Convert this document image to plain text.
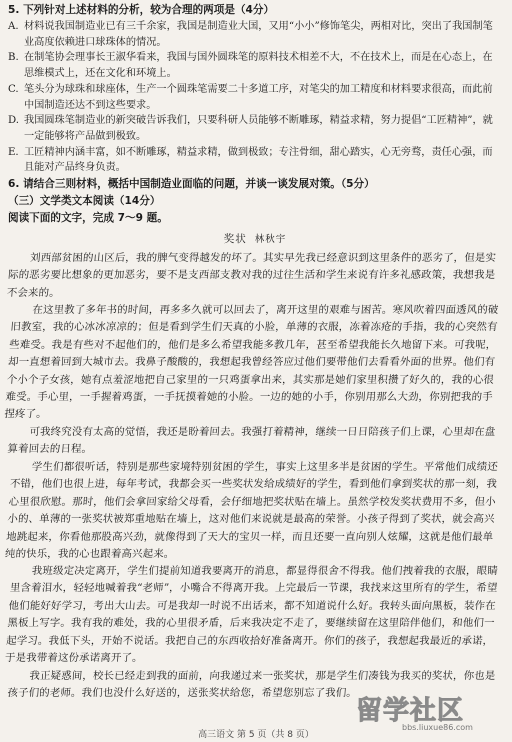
5. 下列针对上述材料的分析，较为合理的两项是（4分）

A. 材料说我国制造业已有三千余家，我国是制造业大国，又用“小小”修饰笔尖，两相对比，突出了我国制笔业高度依赖进口球珠体的情况。

B. 在制笔协会理事长王淑华看来，我国与国外圆珠笔的原料技术相差不大，不在技术上，而是在心态上，在思维模式上，还在文化和环境上。

C. 笔头分为球珠和球座体，生产一个圆珠笔需要二十多道工序，对笔尖的加工精度和材料要求很高，而此前中国制造还达不到这些要求。

D. 我国圆珠笔制造业的新突破告诉我们，只要科研人员能够不断雕琢，精益求精，努力提倡“工匠精神”，就一定能够将产品做到极致。

E. 工匠精神内涵丰富，如不断雕琢，精益求精，做到极致；专注骨细，甜心踏实，心无旁骛，责任心强，而且能对产品终身负责。

6. 请结合三则材料，概括中国制造业面临的问题，并谈一谈发展对策。（5分）

（三）文学类文本阅读（14分）

阅读下面的文字，完成 7～9 题。

奖状 林秋宇

刘西部贫困的山区后，我的脾气变得越发的坏了。其实早先我已经意识到这里条件的恶劣了，但是实际的恶劣要比想象的更加恶劣，要不是支西部支教对我的过往生活和学生来说有许多礼感政策，我想我是不会来的。

在这里教了多年书的时间，再多多久就可以回去了，离开这里的艰难与困苦。寒风吹着四面透风的破旧教室，我的心冰冰凉凉的；但是看到学生们天真的小脸，单薄的衣服，冻着冻疮的手指，我的心突然有些难受。我是有些对不起他们的，他们是多么希望我能多教几年，甚至希望我能长久地留下来。可我呢，却一直想着回到大城市去。我鼻子酸酸的，我想起我曾经答应过他们要带他们去看看外面的世界。他们有个小个子女孩，她有点羞涩地把自己家里的一只鸡蛋拿出来，其实那是她们家里积攒了好久的，我的心很难受。手心里，一手握着鸡蛋，一手抚摸着她的小脸。一边的她的小手，你别用那么大劲，你别把我的手捏疼了。

可我终究没有太高的觉悟，我还是盼着回去。我强打着精神，继续一日日陪孩子们上课，心里却在盘算着回去的日程。

学生们都很听话，特别是那些家境特别贫困的学生，事实上这里多半是贫困的学生。平常他们成绩还不错，他们也很上进，每年考试，我都会买一些奖状发给成绩好的学生，看到他们拿到奖状的那一刻，我心里很欣慰。那时，他们会拿回家给父母看，会仔细地把奖状贴在墙上。虽然学校发奖状费用不多，但小小的、单薄的一张奖状被郑重地贴在墙上，这对他们来说就是最高的荣誉。小孩子得到了奖状，就会高兴地跳起来，你看他那股高兴劲，就像得到了天大的宝贝一样，而且还要一直向别人炫耀，这就是他们最单纯的快乐，我的心也跟着高兴起来。

我班级定决定离开，学生们提前知道我要离开的消息，都显得很舍不得我。他们拽着我的衣服，眼睛里含着泪水，轻轻地喊着我“老师”，小嘴合不得离开我。上完最后一节课，我找来这里所有的学生，希望他们能好好学习，考出大山去。可是我却一时说不出话来，都不知道说什么好。我转头面向黑板，装作在黑板上写字。我有我的难处，我的心里很矛盾，后来我决定不走了，要继续留在这里陪伴他们，和他们一起学习。我低下头，开始不说话。我把自己的东西收拾好准备离开。你们的孩子，我想起我最近的承诺，于是我带着这份承诺离开了。

我正疑惑间，校长已经走到我的面前，向我递过来一张奖状，那是学生们凑钱为我买的奖状，你也是孩子们的老师。我们也没什么好送的，送张奖状给您，希望您别忘了我们。

高三语文 第 5 页（共 8 页）
留学社区
bbs.liuxue86.com
